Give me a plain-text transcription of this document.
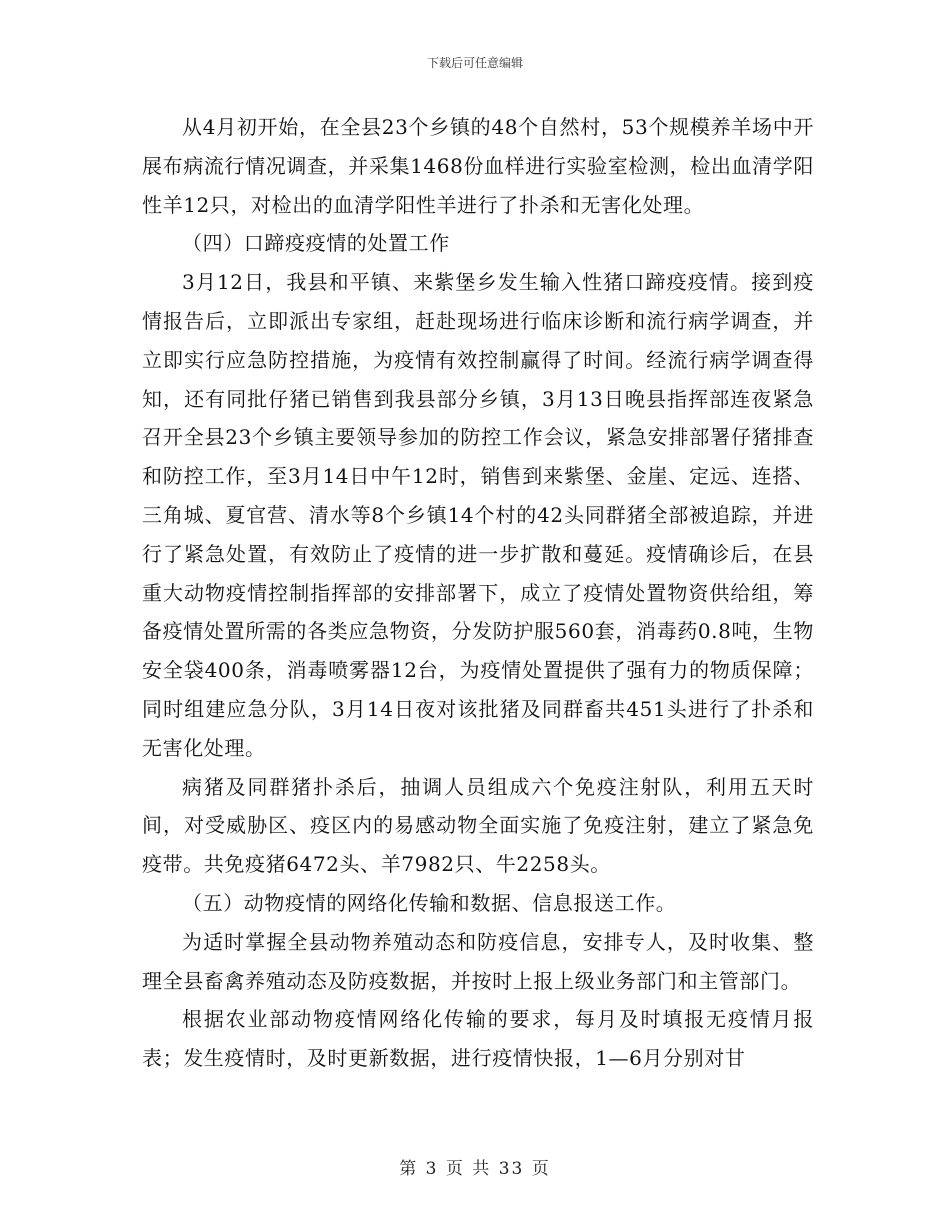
下载后可任意编辑

从4月初开始，在全县23个乡镇的48个自然村，53个规模养羊场中开展布病流行情况调查，并采集1468份血样进行实验室检测，检出血清学阳性羊12只，对检出的血清学阳性羊进行了扑杀和无害化处理。

（四）口蹄疫疫情的处置工作

3月12日，我县和平镇、来紫堡乡发生输入性猪口蹄疫疫情。接到疫情报告后，立即派出专家组，赶赴现场进行临床诊断和流行病学调查，并立即实行应急防控措施，为疫情有效控制赢得了时间。经流行病学调查得知，还有同批仔猪已销售到我县部分乡镇，3月13日晚县指挥部连夜紧急召开全县23个乡镇主要领导参加的防控工作会议，紧急安排部署仔猪排查和防控工作，至3月14日中午12时，销售到来紫堡、金崖、定远、连搭、三角城、夏官营、清水等8个乡镇14个村的42头同群猪全部被追踪，并进行了紧急处置，有效防止了疫情的进一步扩散和蔓延。疫情确诊后，在县重大动物疫情控制指挥部的安排部署下，成立了疫情处置物资供给组，筹备疫情处置所需的各类应急物资，分发防护服560套，消毒药0.8吨，生物安全袋400条，消毒喷雾器12台，为疫情处置提供了强有力的物质保障；同时组建应急分队，3月14日夜对该批猪及同群畜共451头进行了扑杀和无害化处理。

病猪及同群猪扑杀后，抽调人员组成六个免疫注射队，利用五天时间，对受威胁区、疫区内的易感动物全面实施了免疫注射，建立了紧急免疫带。共免疫猪6472头、羊7982只、牛2258头。

（五）动物疫情的网络化传输和数据、信息报送工作。

为适时掌握全县动物养殖动态和防疫信息，安排专人，及时收集、整理全县畜禽养殖动态及防疫数据，并按时上报上级业务部门和主管部门。

根据农业部动物疫情网络化传输的要求，每月及时填报无疫情月报表；发生疫情时，及时更新数据，进行疫情快报，1—6月分别对甘

第 3 页 共 33 页
